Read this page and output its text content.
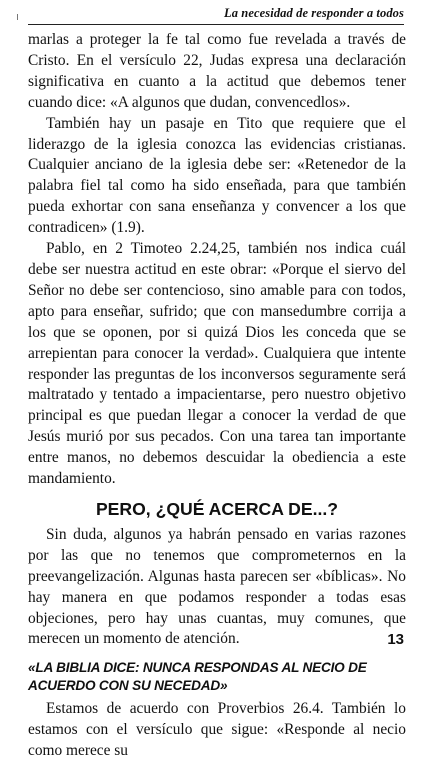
La necesidad de responder a todos

marlas a proteger la fe tal como fue revelada a través de Cristo. En el versículo 22, Judas expresa una declaración significativa en cuanto a la actitud que debemos tener cuando dice: «A algunos que dudan, convencedlos».

También hay un pasaje en Tito que requiere que el liderazgo de la iglesia conozca las evidencias cristianas. Cualquier anciano de la iglesia debe ser: «Retenedor de la palabra fiel tal como ha sido enseñada, para que también pueda exhortar con sana enseñanza y convencer a los que contradicen» (1.9).

Pablo, en 2 Timoteo 2.24,25, también nos indica cuál debe ser nuestra actitud en este obrar: «Porque el siervo del Señor no debe ser contencioso, sino amable para con todos, apto para enseñar, sufrido; que con mansedumbre corrija a los que se oponen, por si quizá Dios les conceda que se arrepientan para conocer la verdad». Cualquiera que intente responder las preguntas de los inconversos seguramente será maltratado y tentado a impacientarse, pero nuestro objetivo principal es que puedan llegar a conocer la verdad de que Jesús murió por sus pecados. Con una tarea tan importante entre manos, no debemos descuidar la obediencia a este mandamiento.

PERO, ¿QUÉ ACERCA DE...?

Sin duda, algunos ya habrán pensado en varias razones por las que no tenemos que comprometernos en la preevangelización. Algunas hasta parecen ser «bíblicas». No hay manera en que podamos responder a todas esas objeciones, pero hay unas cuantas, muy comunes, que merecen un momento de atención.

«LA BIBLIA DICE: NUNCA RESPONDAS AL NECIO DE ACUERDO CON SU NECEDAD»

Estamos de acuerdo con Proverbios 26.4. También lo estamos con el versículo que sigue: «Responde al necio como merece su

13
